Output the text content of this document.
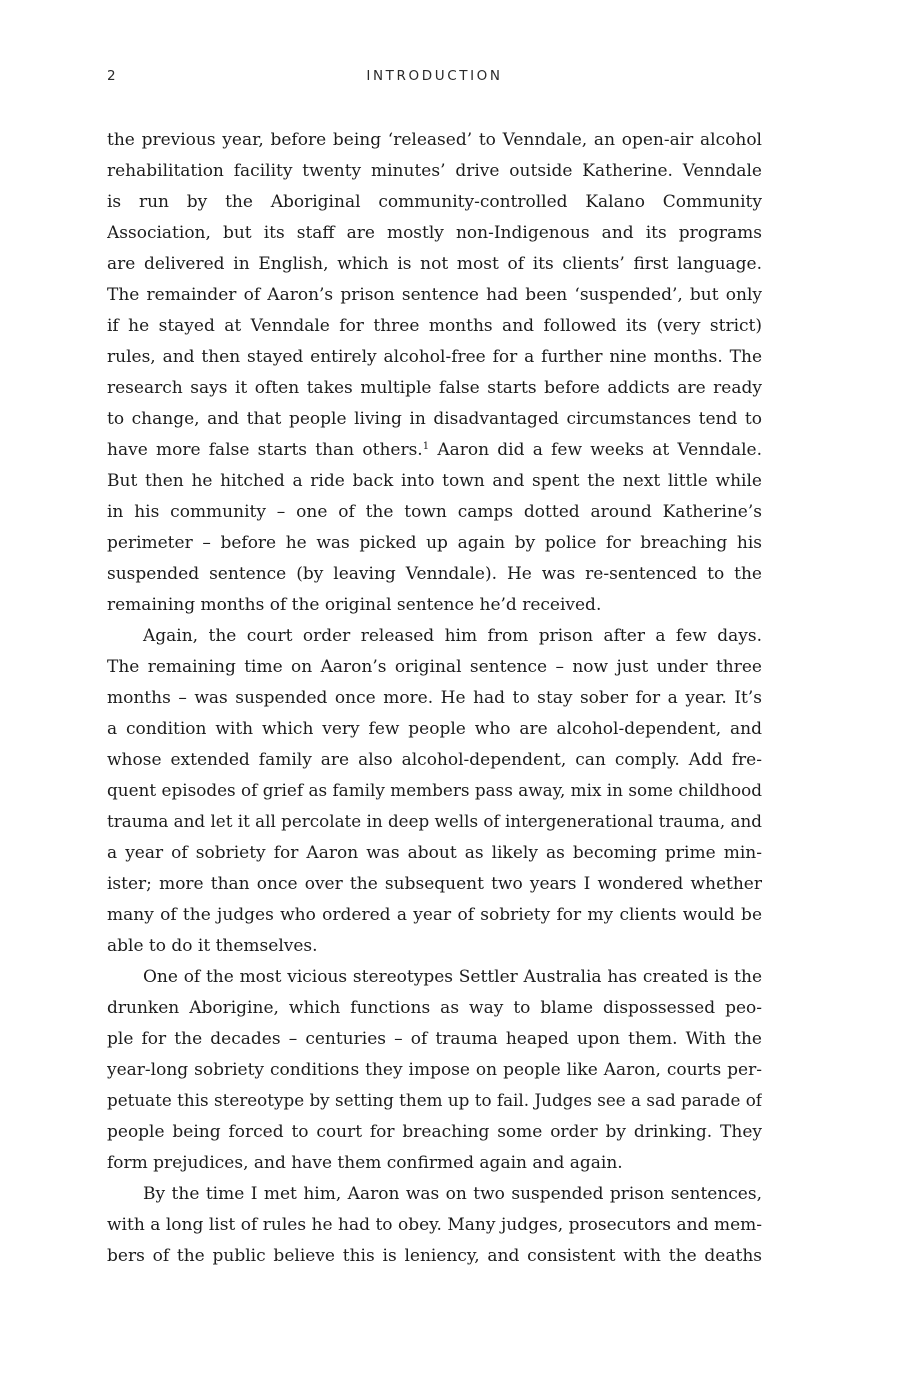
2	INTRODUCTION
the previous year, before being ‘released’ to Venndale, an open-air alcohol
rehabilitation facility twenty minutes’ drive outside Katherine. Venndale
is run by the Aboriginal community-controlled Kalano Community
Association, but its staff are mostly non-Indigenous and its programs
are delivered in English, which is not most of its clients’ first language.
The remainder of Aaron’s prison sentence had been ‘suspended’, but only
if he stayed at Venndale for three months and followed its (very strict)
rules, and then stayed entirely alcohol-free for a further nine months. The
research says it often takes multiple false starts before addicts are ready
to change, and that people living in disadvantaged circumstances tend to
have more false starts than others.$^1$ Aaron did a few weeks at Venndale.
But then he hitched a ride back into town and spent the next little while
in his community – one of the town camps dotted around Katherine’s
perimeter – before he was picked up again by police for breaching his
suspended sentence (by leaving Venndale). He was re-sentenced to the
remaining months of the original sentence he’d received.
Again, the court order released him from prison after a few days.
The remaining time on Aaron’s original sentence – now just under three
months – was suspended once more. He had to stay sober for a year. It’s
a condition with which very few people who are alcohol-dependent, and
whose extended family are also alcohol-dependent, can comply. Add fre-
quent episodes of grief as family members pass away, mix in some childhood
trauma and let it all percolate in deep wells of intergenerational trauma, and
a year of sobriety for Aaron was about as likely as becoming prime min-
ister; more than once over the subsequent two years I wondered whether
many of the judges who ordered a year of sobriety for my clients would be
able to do it themselves.
One of the most vicious stereotypes Settler Australia has created is the
drunken Aborigine, which functions as way to blame dispossessed peo-
ple for the decades – centuries – of trauma heaped upon them. With the
year-long sobriety conditions they impose on people like Aaron, courts per-
petuate this stereotype by setting them up to fail. Judges see a sad parade of
people being forced to court for breaching some order by drinking. They
form prejudices, and have them confirmed again and again.
By the time I met him, Aaron was on two suspended prison sentences,
with a long list of rules he had to obey. Many judges, prosecutors and mem-
bers of the public believe this is leniency, and consistent with the deaths
